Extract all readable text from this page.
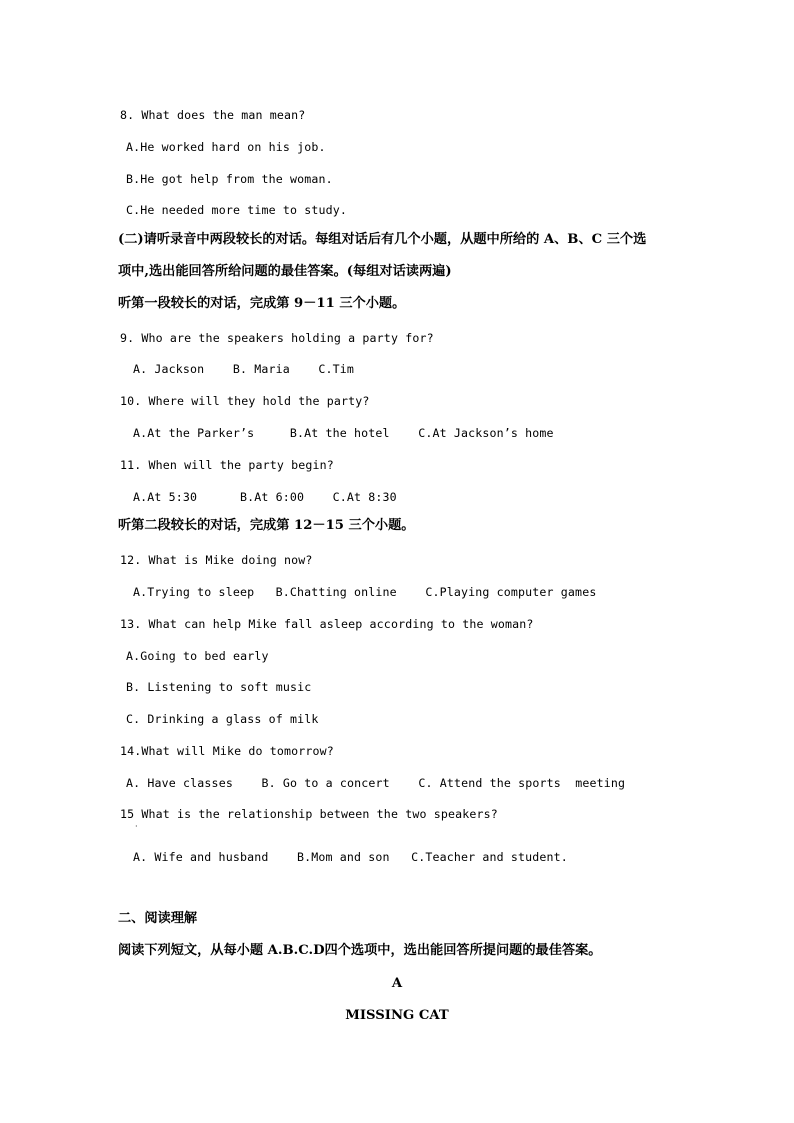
8. What does the man mean?
A.He worked hard on his job.
B.He got help from the woman.
C.He needed more time to study.
(二)请听录音中两段较长的对话。每组对话后有几个小题，从题中所给的 A、B、C 三个选
项中,选出能回答所给问题的最佳答案。(每组对话读两遍)
听第一段较长的对话，完成第 9－11 三个小题。
9. Who are the speakers holding a party for?
A. Jackson    B. Maria    C.Tim
10. Where will they hold the party?
A.At the Parker’s     B.At the hotel    C.At Jackson’s home
11. When will the party begin?
A.At 5:30      B.At 6:00    C.At 8:30
听第二段较长的对话，完成第 12－15 三个小题。
12. What is Mike doing now?
A.Trying to sleep   B.Chatting online    C.Playing computer games
13. What can help Mike fall asleep according to the woman?
A.Going to bed early
B. Listening to soft music
C. Drinking a glass of milk
14.What will Mike do tomorrow?
A. Have classes    B. Go to a concert    C. Attend the sports  meeting
15 What is the relationship between the two speakers?
·
A. Wife and husband    B.Mom and son   C.Teacher and student.
二、阅读理解
阅读下列短文，从每小题 A.B.C.D四个选项中，选出能回答所提问题的最佳答案。
A
MISSING CAT
